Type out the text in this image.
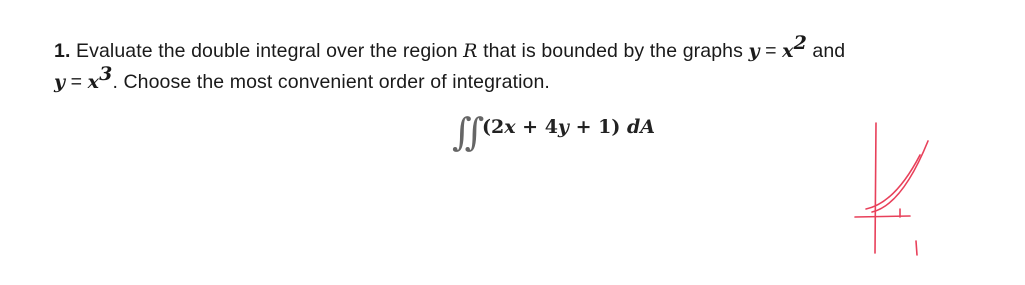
1. Evaluate the double integral over the region R that is bounded by the graphs $y = x^2$ and
$y = x^3$. Choose the most convenient order of integration.
∬ (2x + 4y + 1) dA
